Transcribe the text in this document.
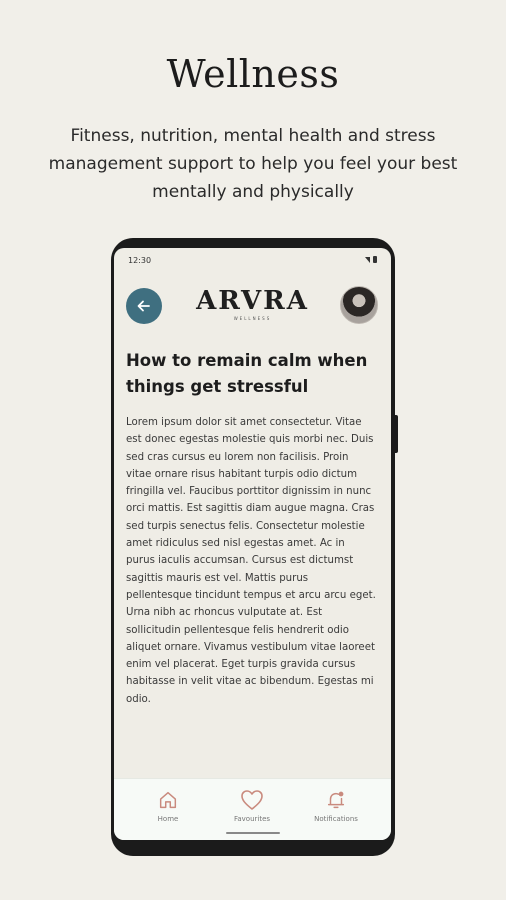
Wellness
Fitness, nutrition, mental health and stress management support to help you feel your best mentally and physically
12:30
ARVRA
WELLNESS
How to remain calm when things get stressful
Lorem ipsum dolor sit amet consectetur. Vitae est donec egestas molestie quis morbi nec. Duis sed cras cursus eu lorem non facilisis. Proin vitae ornare risus habitant turpis odio dictum fringilla vel. Faucibus porttitor dignissim in nunc orci mattis. Est sagittis diam augue magna. Cras sed turpis senectus felis. Consectetur molestie amet ridiculus sed nisl egestas amet. Ac in purus iaculis accumsan. Cursus est dictumst sagittis mauris est vel. Mattis purus pellentesque tincidunt tempus et arcu arcu eget. Urna nibh ac rhoncus vulputate at. Est sollicitudin pellentesque felis hendrerit odio aliquet ornare. Vivamus vestibulum vitae laoreet enim vel placerat. Eget turpis gravida cursus habitasse in velit vitae ac bibendum. Egestas mi odio.
Home	Favourites	Notifications
